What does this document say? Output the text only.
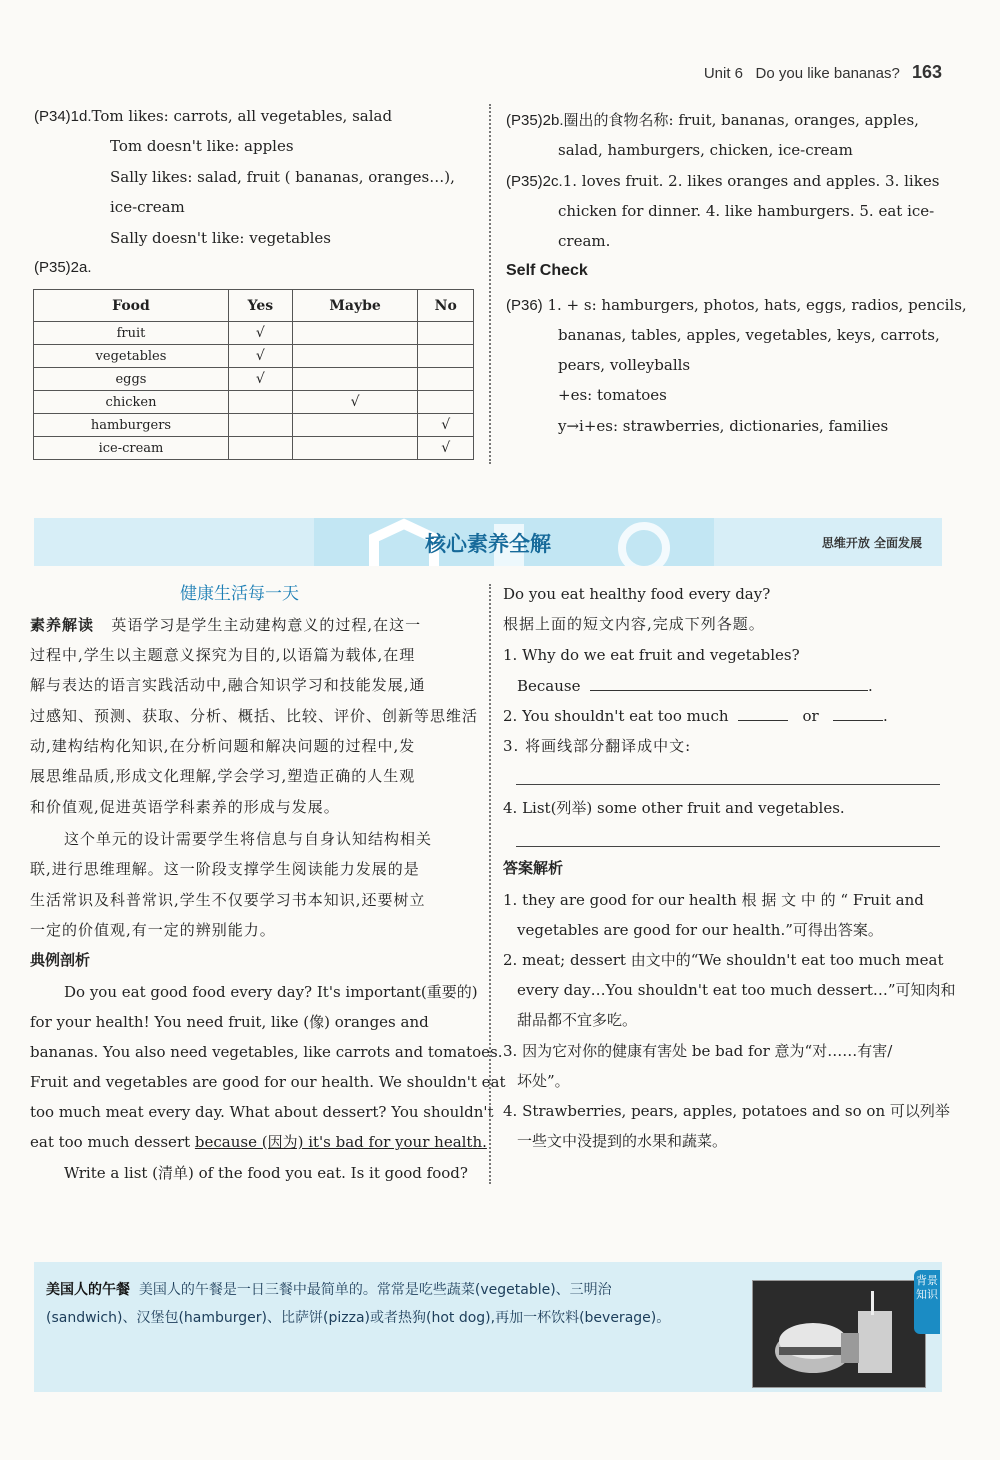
Unit 6 Do you like bananas? 163
(P34)1d.Tom likes: carrots, all vegetables, salad
Tom doesn't like: apples
Sally likes: salad, fruit ( bananas, oranges…),
ice-cream
Sally doesn't like: vegetables
(P35)2a.
Food	Yes	Maybe	No
fruit	√		
vegetables	√		
eggs	√		
chicken		√	
hamburgers			√
ice-cream			√
(P35)2b.圈出的食物名称: fruit, bananas, oranges, apples,
salad, hamburgers, chicken, ice-cream
(P35)2c.1. loves fruit. 2. likes oranges and apples. 3. likes
chicken for dinner. 4. like hamburgers. 5. eat ice-
cream.
Self Check
(P36) 1. + s: hamburgers, photos, hats, eggs, radios, pencils,
bananas, tables, apples, vegetables, keys, carrots,
pears, volleyballs
+es: tomatoes
y→i+es: strawberries, dictionaries, families
核心素养全解	思维开放 全面发展
健康生活每一天
素养解读 英语学习是学生主动建构意义的过程,在这一
过程中,学生以主题意义探究为目的,以语篇为载体,在理
解与表达的语言实践活动中,融合知识学习和技能发展,通
过感知、预测、获取、分析、概括、比较、评价、创新等思维活
动,建构结构化知识,在分析问题和解决问题的过程中,发
展思维品质,形成文化理解,学会学习,塑造正确的人生观
和价值观,促进英语学科素养的形成与发展。
这个单元的设计需要学生将信息与自身认知结构相关
联,进行思维理解。这一阶段支撑学生阅读能力发展的是
生活常识及科普常识,学生不仅要学习书本知识,还要树立
一定的价值观,有一定的辨别能力。
典例剖析
Do you eat good food every day? It's important(重要的)
for your health! You need fruit, like (像) oranges and
bananas. You also need vegetables, like carrots and tomatoes.
Fruit and vegetables are good for our health. We shouldn't eat
too much meat every day. What about dessert? You shouldn't
eat too much dessert because (因为) it's bad for your health.
Write a list (清单) of the food you eat. Is it good food?
Do you eat healthy food every day?
根据上面的短文内容,完成下列各题。
1. Why do we eat fruit and vegetables?
Because	.
2. You shouldn't eat too much	or	.
3. 将画线部分翻译成中文:
4. List(列举) some other fruit and vegetables.
答案解析
1. they are good for our health 根 据 文 中 的 “ Fruit and
vegetables are good for our health.”可得出答案。
2. meat; dessert 由文中的“We shouldn't eat too much meat
every day…You shouldn't eat too much dessert…”可知肉和
甜品都不宜多吃。
3. 因为它对你的健康有害处 be bad for 意为“对……有害/
坏处”。
4. Strawberries, pears, apples, potatoes and so on 可以列举
一些文中没提到的水果和蔬菜。
美国人的午餐 美国人的午餐是一日三餐中最简单的。常常是吃些蔬菜(vegetable)、三明治
(sandwich)、汉堡包(hamburger)、比萨饼(pizza)或者热狗(hot dog),再加一杯饮料(beverage)。
背景知识
